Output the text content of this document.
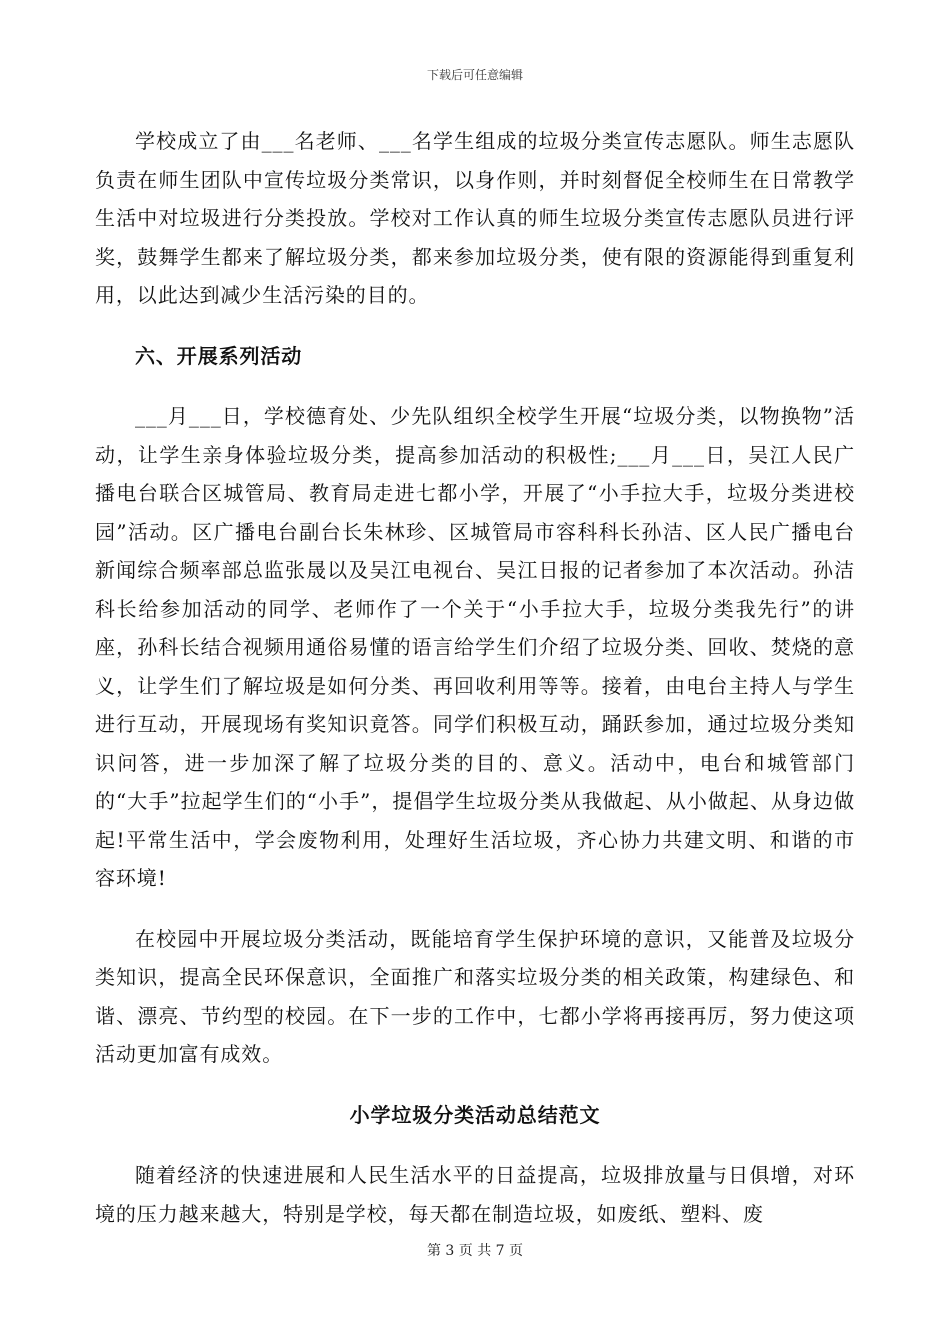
下载后可任意编辑

学校成立了由___名老师、___名学生组成的垃圾分类宣传志愿队。师生志愿队负责在师生团队中宣传垃圾分类常识，以身作则，并时刻督促全校师生在日常教学生活中对垃圾进行分类投放。学校对工作认真的师生垃圾分类宣传志愿队员进行评奖，鼓舞学生都来了解垃圾分类，都来参加垃圾分类，使有限的资源能得到重复利用，以此达到减少生活污染的目的。

六、开展系列活动

___月___日，学校德育处、少先队组织全校学生开展“垃圾分类，以物换物”活动，让学生亲身体验垃圾分类，提高参加活动的积极性;___月___日，吴江人民广播电台联合区城管局、教育局走进七都小学，开展了“小手拉大手，垃圾分类进校园”活动。区广播电台副台长朱林珍、区城管局市容科科长孙洁、区人民广播电台新闻综合频率部总监张晟以及吴江电视台、吴江日报的记者参加了本次活动。孙洁科长给参加活动的同学、老师作了一个关于“小手拉大手，垃圾分类我先行”的讲座，孙科长结合视频用通俗易懂的语言给学生们介绍了垃圾分类、回收、焚烧的意义，让学生们了解垃圾是如何分类、再回收利用等等。接着，由电台主持人与学生进行互动，开展现场有奖知识竟答。同学们积极互动，踊跃参加，通过垃圾分类知识问答，进一步加深了解了垃圾分类的目的、意义。活动中，电台和城管部门的“大手”拉起学生们的“小手”，提倡学生垃圾分类从我做起、从小做起、从身边做起!平常生活中，学会废物利用，处理好生活垃圾，齐心协力共建文明、和谐的市容环境!

在校园中开展垃圾分类活动，既能培育学生保护环境的意识，又能普及垃圾分类知识，提高全民环保意识，全面推广和落实垃圾分类的相关政策，构建绿色、和谐、漂亮、节约型的校园。在下一步的工作中，七都小学将再接再厉，努力使这项活动更加富有成效。

小学垃圾分类活动总结范文

随着经济的快速进展和人民生活水平的日益提高，垃圾排放量与日俱增，对环境的压力越来越大，特别是学校，每天都在制造垃圾，如废纸、塑料、废

第 3 页 共 7 页
